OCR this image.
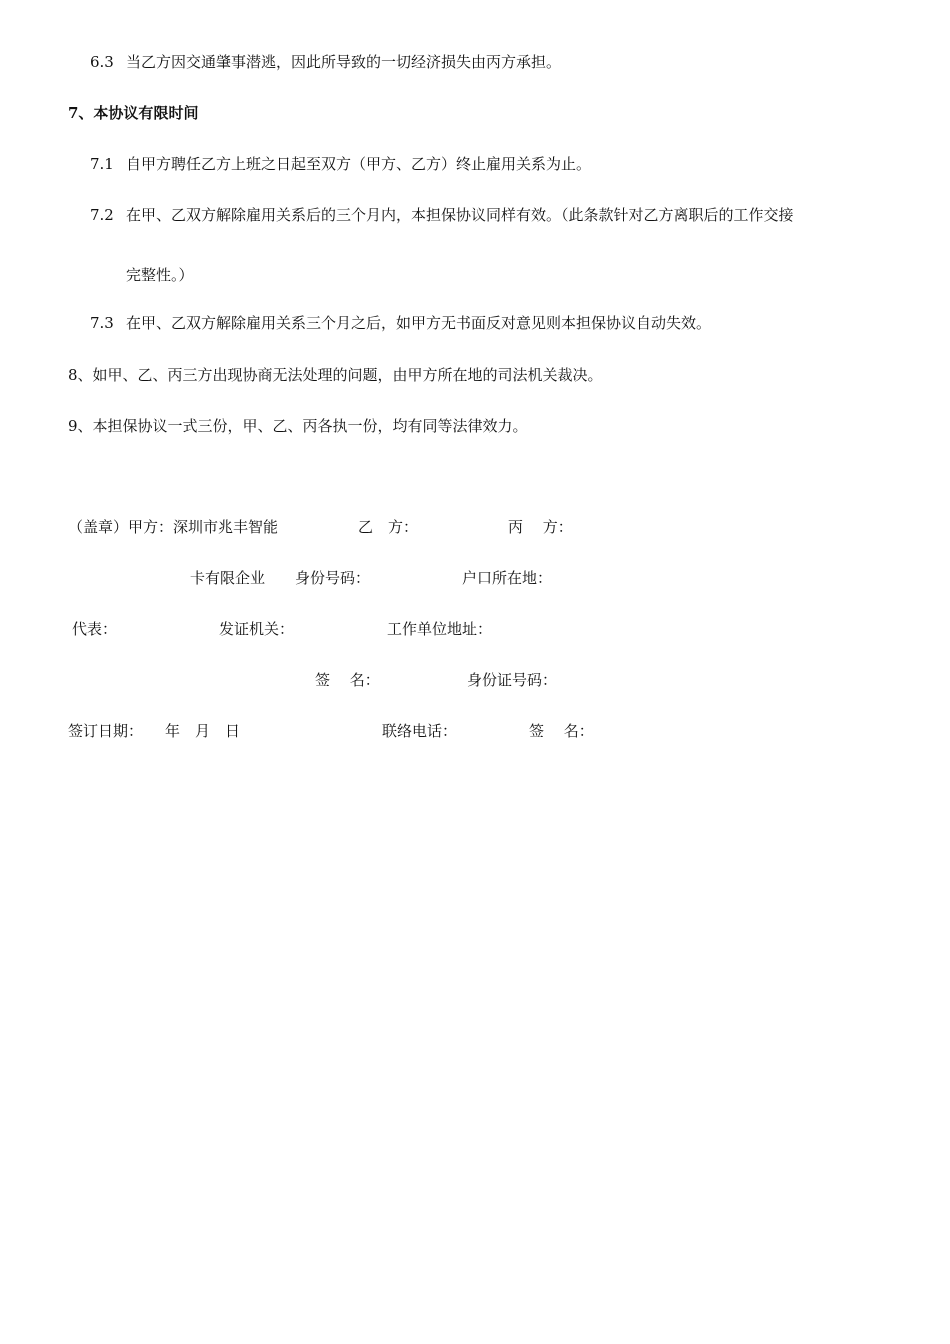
6.3 当乙方因交通肇事潜逃，因此所导致的一切经济损失由丙方承担。
7、本协议有限时间
7.1 自甲方聘任乙方上班之日起至双方（甲方、乙方）终止雇用关系为止。
7.2 在甲、乙双方解除雇用关系后的三个月内，本担保协议同样有效。（此条款针对乙方离职后的工作交接
完整性。）
7.3 在甲、乙双方解除雇用关系三个月之后，如甲方无书面反对意见则本担保协议自动失效。
8、如甲、乙、丙三方出现协商无法处理的问题，由甲方所在地的司法机关裁决。
9、本担保协议一式三份，甲、乙、丙各执一份，均有同等法律效力。
（盖章）甲方：深圳市兆丰智能	乙　方：	丙　 方：
卡有限企业 身份号码：	户口所在地：
代表：	发证机关：	工作单位地址：
签　 名：	身份证号码：
签订日期： 年　月　日	联络电话：	签　 名：
